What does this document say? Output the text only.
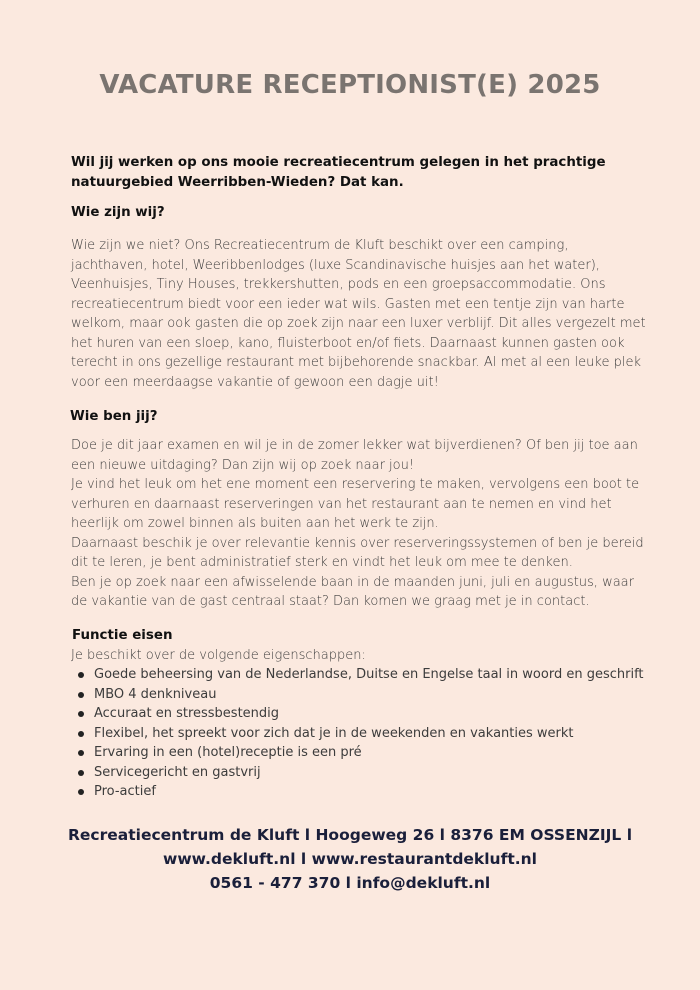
VACATURE RECEPTIONIST(E) 2025

Wil jij werken op ons mooie recreatiecentrum gelegen in het prachtige natuurgebied Weerribben-Wieden? Dat kan.

Wie zijn wij?

Wie zijn we niet? Ons Recreatiecentrum de Kluft beschikt over een camping, jachthaven, hotel, Weeribbenlodges (luxe Scandinavische huisjes aan het water), Veenhuisjes, Tiny Houses, trekkershutten, pods en een groepsaccommodatie. Ons recreatiecentrum biedt voor een ieder wat wils. Gasten met een tentje zijn van harte welkom, maar ook gasten die op zoek zijn naar een luxer verblijf. Dit alles vergezelt met het huren van een sloep, kano, fluisterboot en/of fiets. Daarnaast kunnen gasten ook terecht in ons gezellige restaurant met bijbehorende snackbar. Al met al een leuke plek voor een meerdaagse vakantie of gewoon een dagje uit!

Wie ben jij?

Doe je dit jaar examen en wil je in de zomer lekker wat bijverdienen? Of ben jij toe aan een nieuwe uitdaging? Dan zijn wij op zoek naar jou!

Je vind het leuk om het ene moment een reservering te maken, vervolgens een boot te verhuren en daarnaast reserveringen van het restaurant aan te nemen en vind het heerlijk om zowel binnen als buiten aan het werk te zijn.

Daarnaast beschik je over relevantie kennis over reserveringssystemen of ben je bereid dit te leren, je bent administratief sterk en vindt het leuk om mee te denken.

Ben je op zoek naar een afwisselende baan in de maanden juni, juli en augustus, waar de vakantie van de gast centraal staat? Dan komen we graag met je in contact.

Functie eisen

Je beschikt over de volgende eigenschappen:

Goede beheersing van de Nederlandse, Duitse en Engelse taal in woord en geschrift
MBO 4 denkniveau
Accuraat en stressbestendig
Flexibel, het spreekt voor zich dat je in de weekenden en vakanties werkt
Ervaring in een (hotel)receptie is een pré
Servicegericht en gastvrij
Pro-actief
Recreatiecentrum de Kluft l Hoogeweg 26 l 8376 EM OSSENZIJL l
www.dekluft.nl l www.restaurantdekluft.nl
0561 - 477 370 l info@dekluft.nl
